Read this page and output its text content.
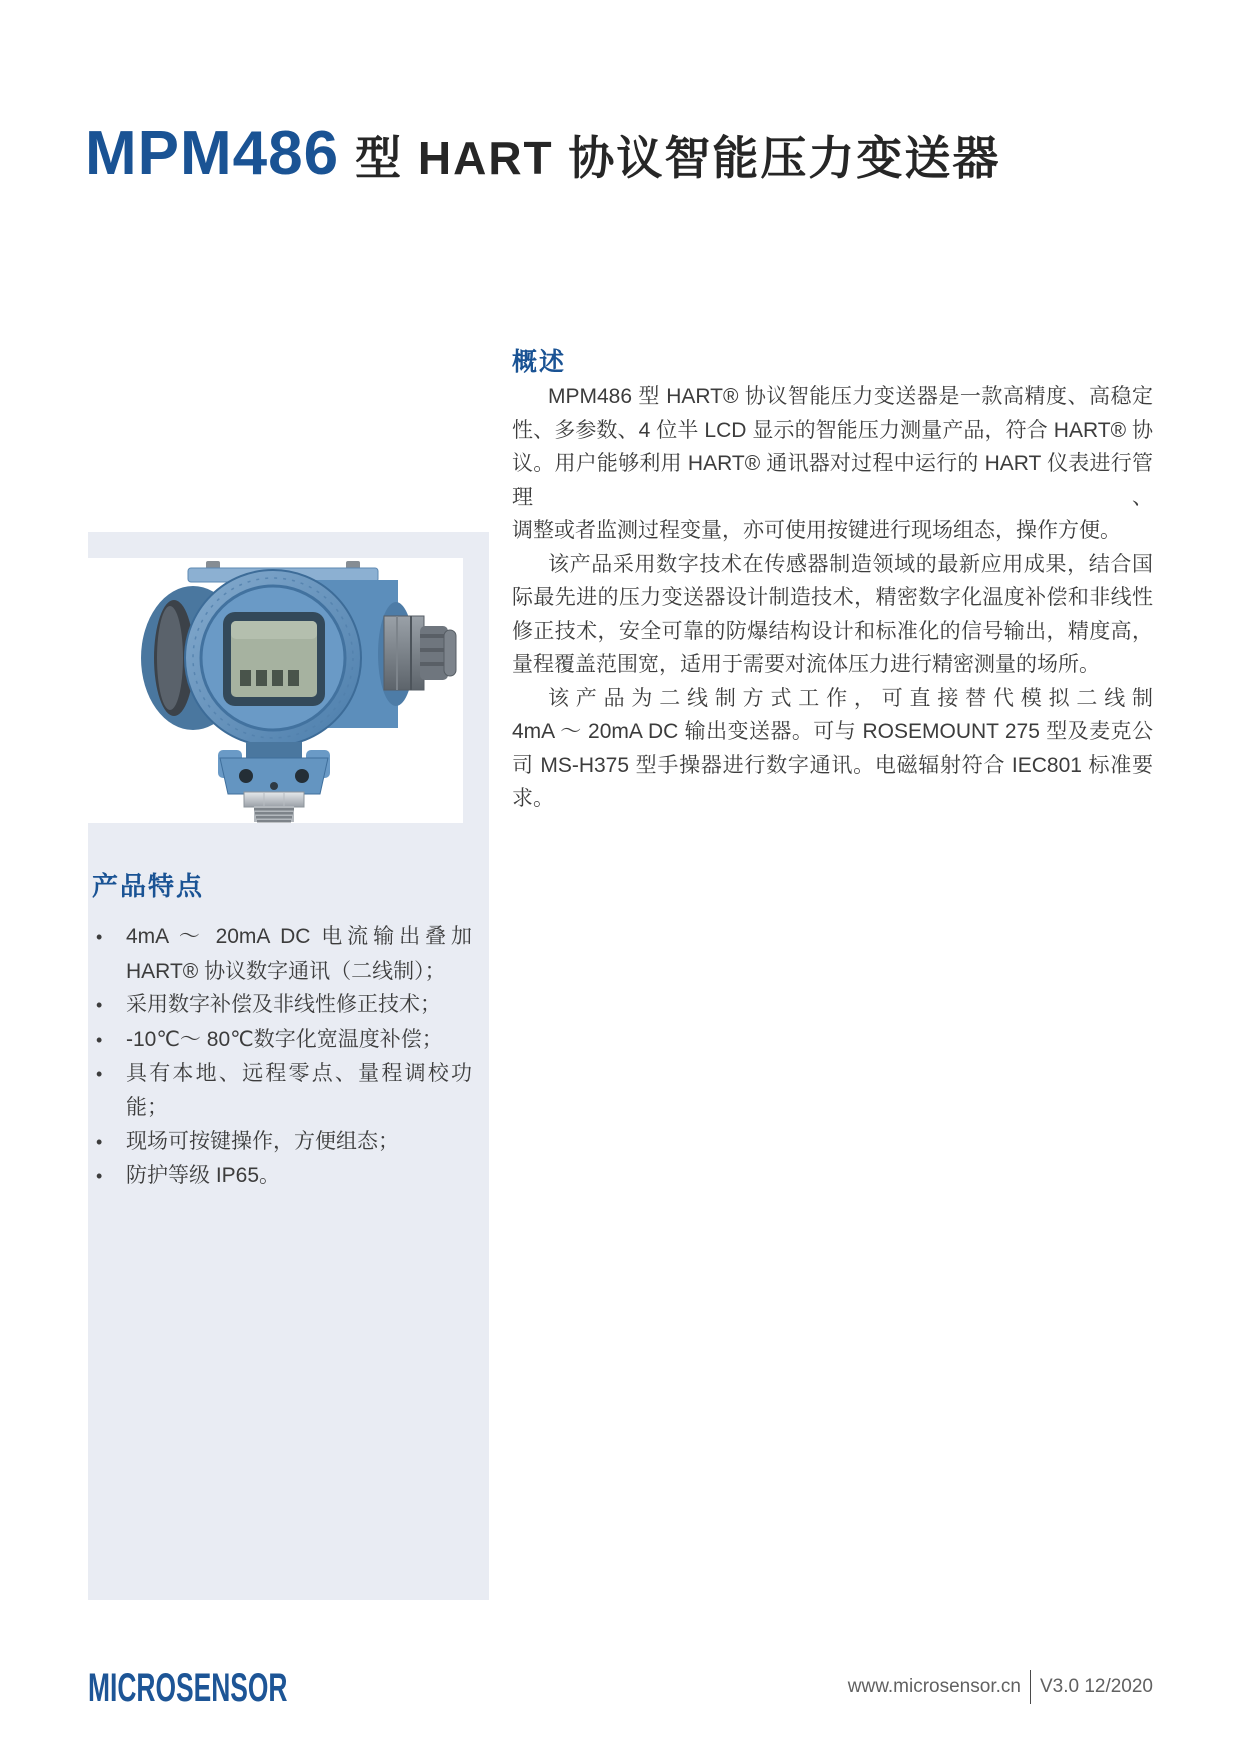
MPM486 型 HART 协议智能压力变送器
概述
MPM486 型 HART® 协议智能压力变送器是一款高精度、高稳定
性、多参数、4 位半 LCD 显示的智能压力测量产品，符合 HART® 协
议。用户能够利用 HART® 通讯器对过程中运行的 HART 仪表进行管理、
调整或者监测过程变量，亦可使用按键进行现场组态，操作方便。
该产品采用数字技术在传感器制造领域的最新应用成果，结合国
际最先进的压力变送器设计制造技术，精密数字化温度补偿和非线性
修正技术，安全可靠的防爆结构设计和标准化的信号输出，精度高，
量程覆盖范围宽，适用于需要对流体压力进行精密测量的场所。
该产品为二线制方式工作，可直接替代模拟二线制
4mA ～ 20mA DC 输出变送器。可与 ROSEMOUNT 275 型及麦克公
司 MS-H375 型手操器进行数字通讯。电磁辐射符合 IEC801 标准要求。
产品特点
•
4mA ～ 20mA DC 电流输出叠加
HART® 协议数字通讯（二线制）；
•
采用数字补偿及非线性修正技术；
•
-10℃～ 80℃数字化宽温度补偿；
•
具有本地、远程零点、量程调校功能；
•
现场可按键操作，方便组态；
•
防护等级 IP65。
MICROSENSOR	www.microsensor.cn V3.0 12/2020
